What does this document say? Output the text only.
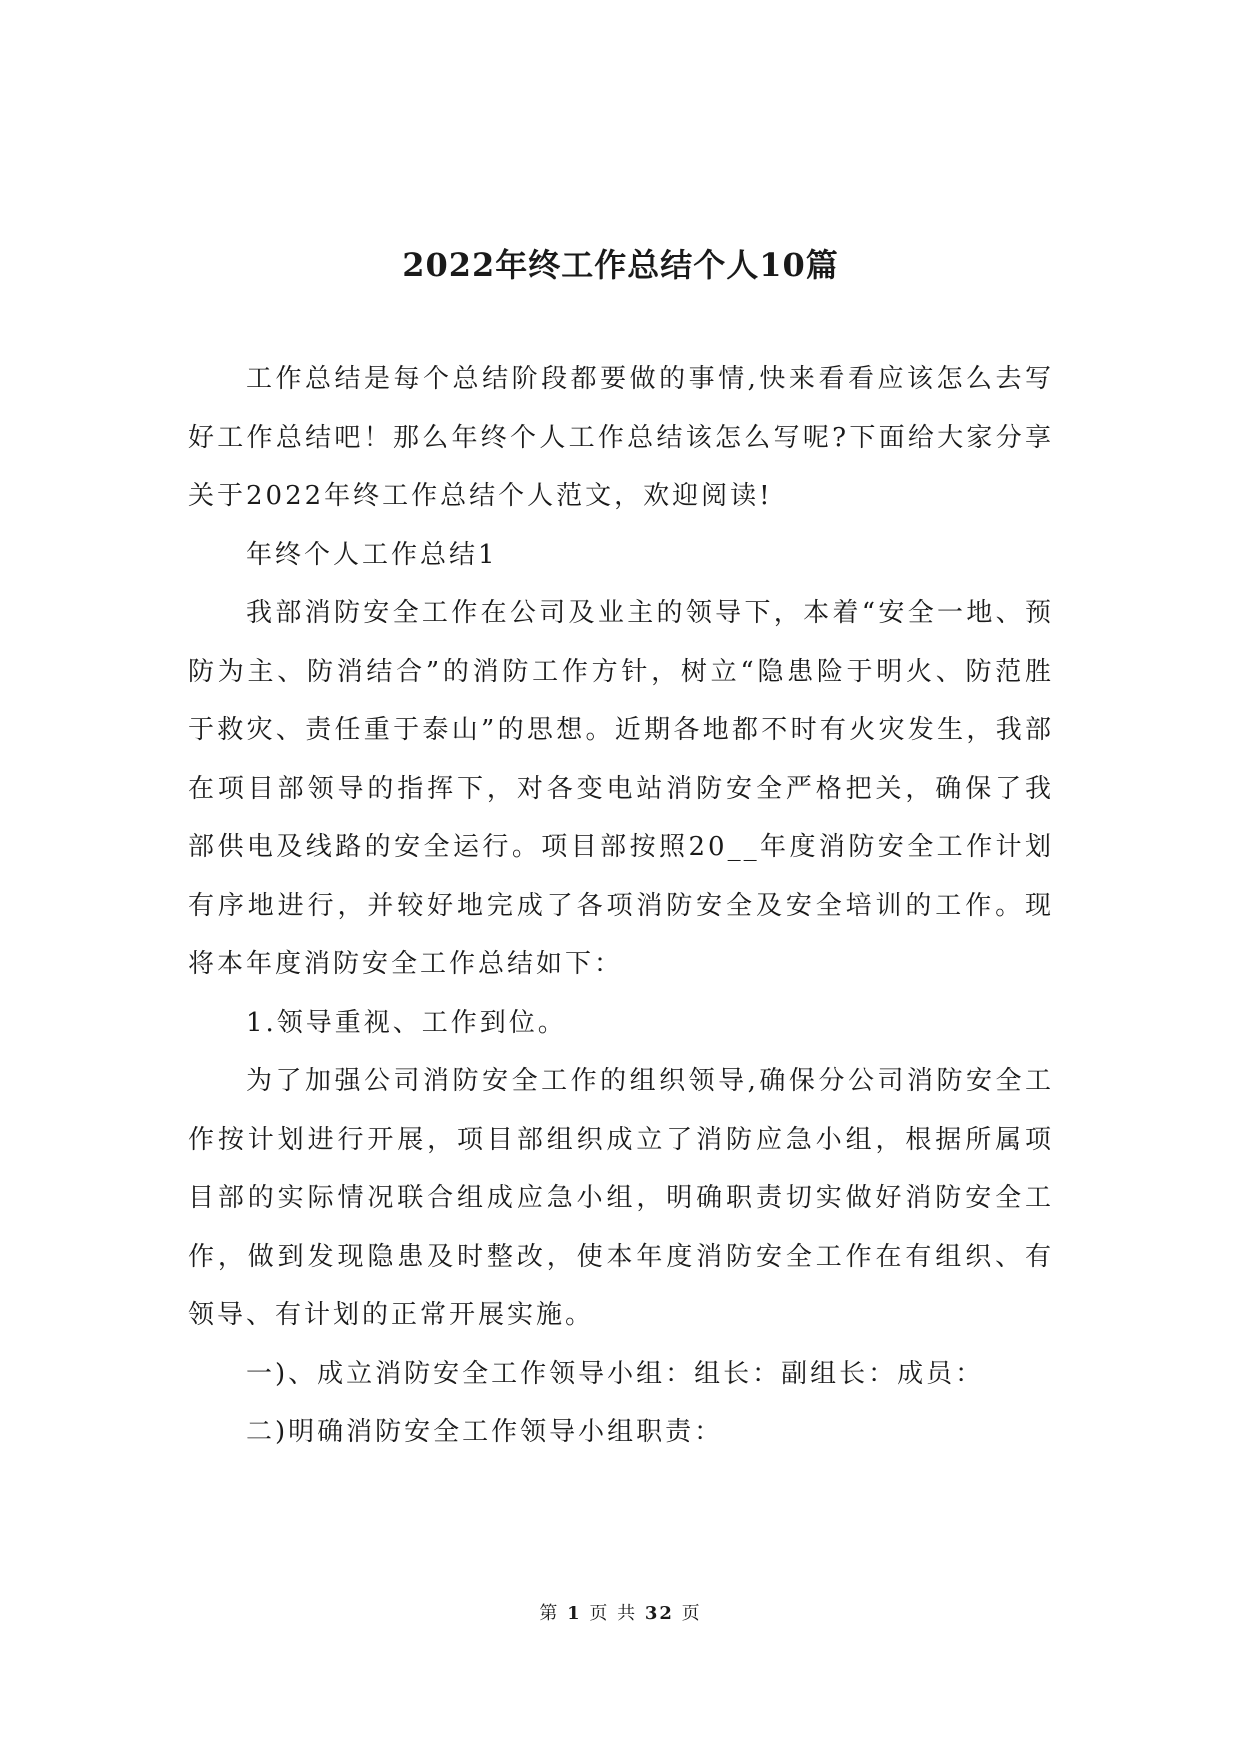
2022年终工作总结个人10篇

工作总结是每个总结阶段都要做的事情,快来看看应该怎么去写好工作总结吧！那么年终个人工作总结该怎么写呢?下面给大家分享关于2022年终工作总结个人范文，欢迎阅读!

年终个人工作总结1

我部消防安全工作在公司及业主的领导下，本着“安全一地、预防为主、防消结合”的消防工作方针，树立“隐患险于明火、防范胜于救灾、责任重于泰山”的思想。近期各地都不时有火灾发生，我部在项目部领导的指挥下，对各变电站消防安全严格把关，确保了我部供电及线路的安全运行。项目部按照20__年度消防安全工作计划有序地进行，并较好地完成了各项消防安全及安全培训的工作。现将本年度消防安全工作总结如下：

1.领导重视、工作到位。

为了加强公司消防安全工作的组织领导,确保分公司消防安全工作按计划进行开展，项目部组织成立了消防应急小组，根据所属项目部的实际情况联合组成应急小组，明确职责切实做好消防安全工作，做到发现隐患及时整改，使本年度消防安全工作在有组织、有领导、有计划的正常开展实施。

一)、成立消防安全工作领导小组：组长：副组长：成员：

二)明确消防安全工作领导小组职责：

第 1 页 共 32 页
